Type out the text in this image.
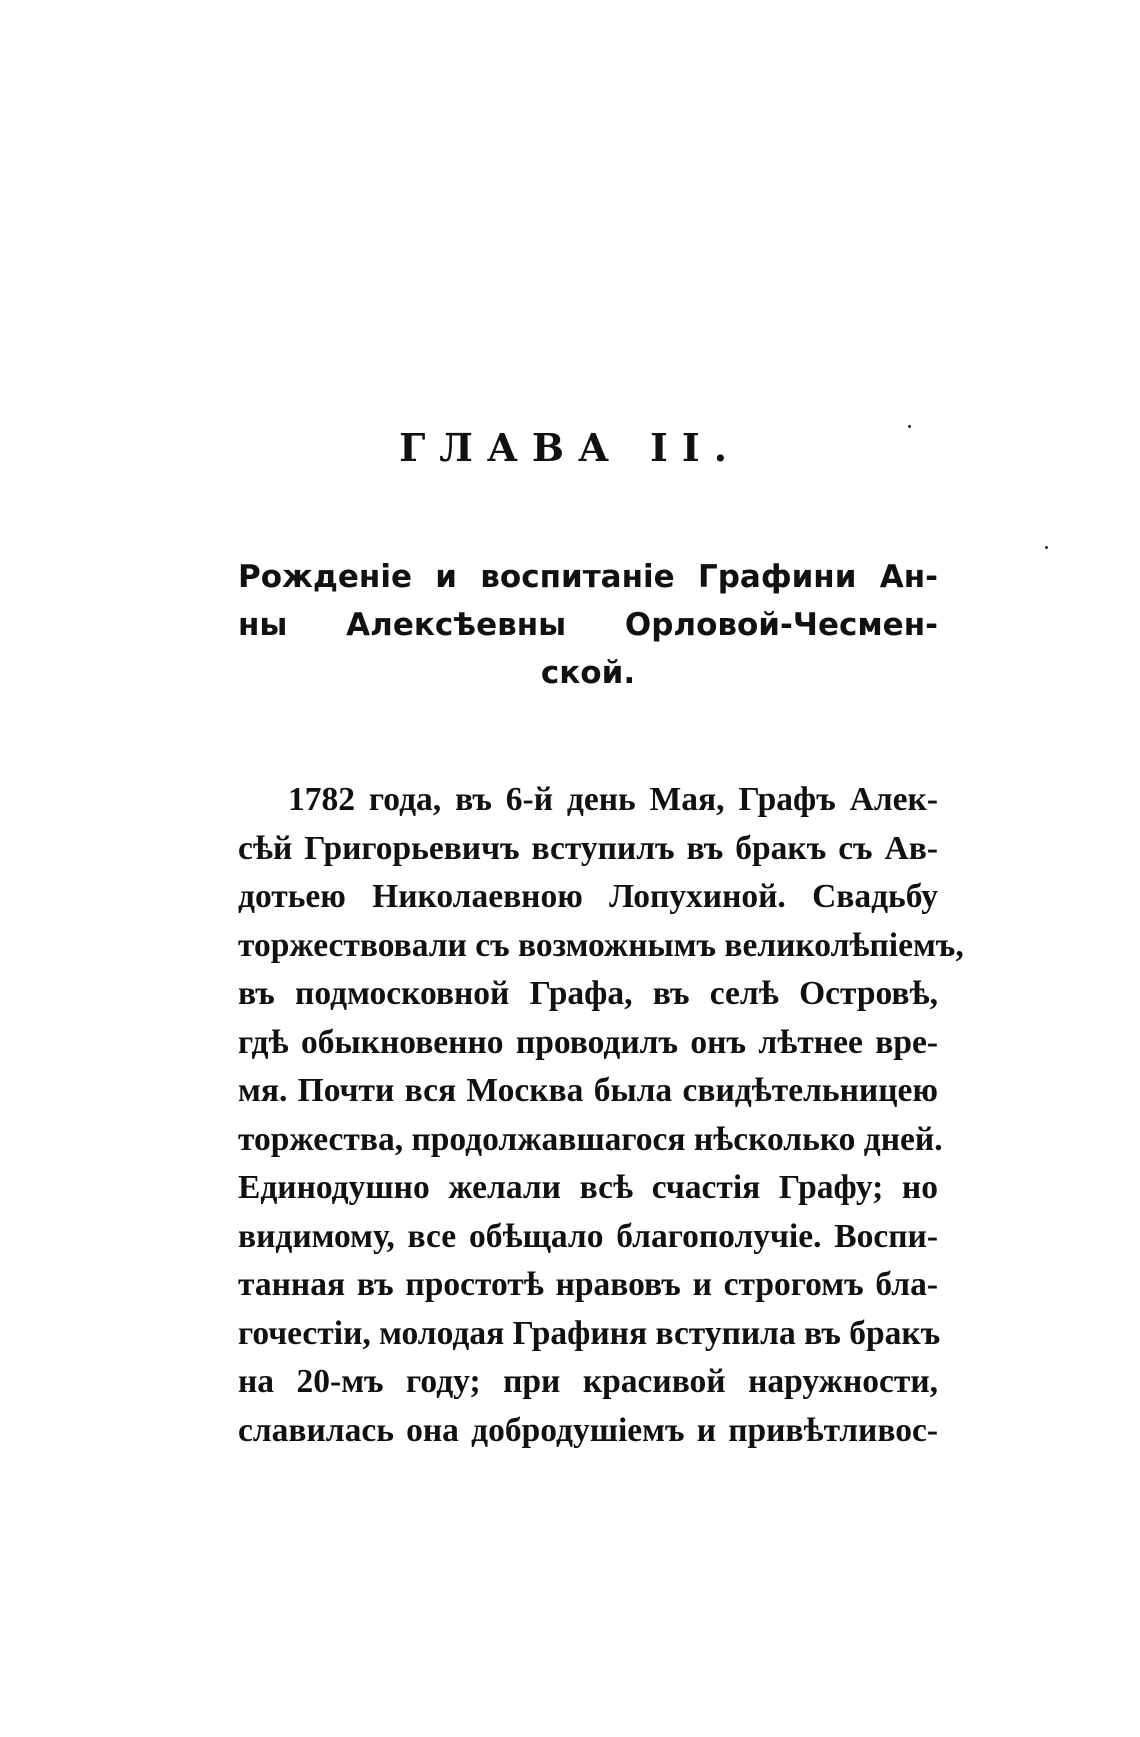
ГЛАВА II.
Рожденіе и воспитаніе Графини Ан-
ны Алексѣевны Орловой-Чесмен-
ской.
1782 года, въ 6-й день Мая, Графъ Алек-
сѣй Григорьевичъ вступилъ въ бракъ съ Ав-
дотьею Николаевною Лопухиной. Свадьбу
торжествовали съ возможнымъ великолѣпіемъ,
въ подмосковной Графа, въ селѣ Островѣ,
гдѣ обыкновенно проводилъ онъ лѣтнее вре-
мя. Почти вся Москва была свидѣтельницею
торжества, продолжавшагося нѣсколько дней.
Единодушно желали всѣ счастія Графу; но
видимому, все обѣщало благополучіе. Воспи-
танная въ простотѣ нравовъ и строгомъ бла-
гочестіи, молодая Графиня вступила въ бракъ
на 20-мъ году; при красивой наружности,
славилась она добродушіемъ и привѣтливос-
